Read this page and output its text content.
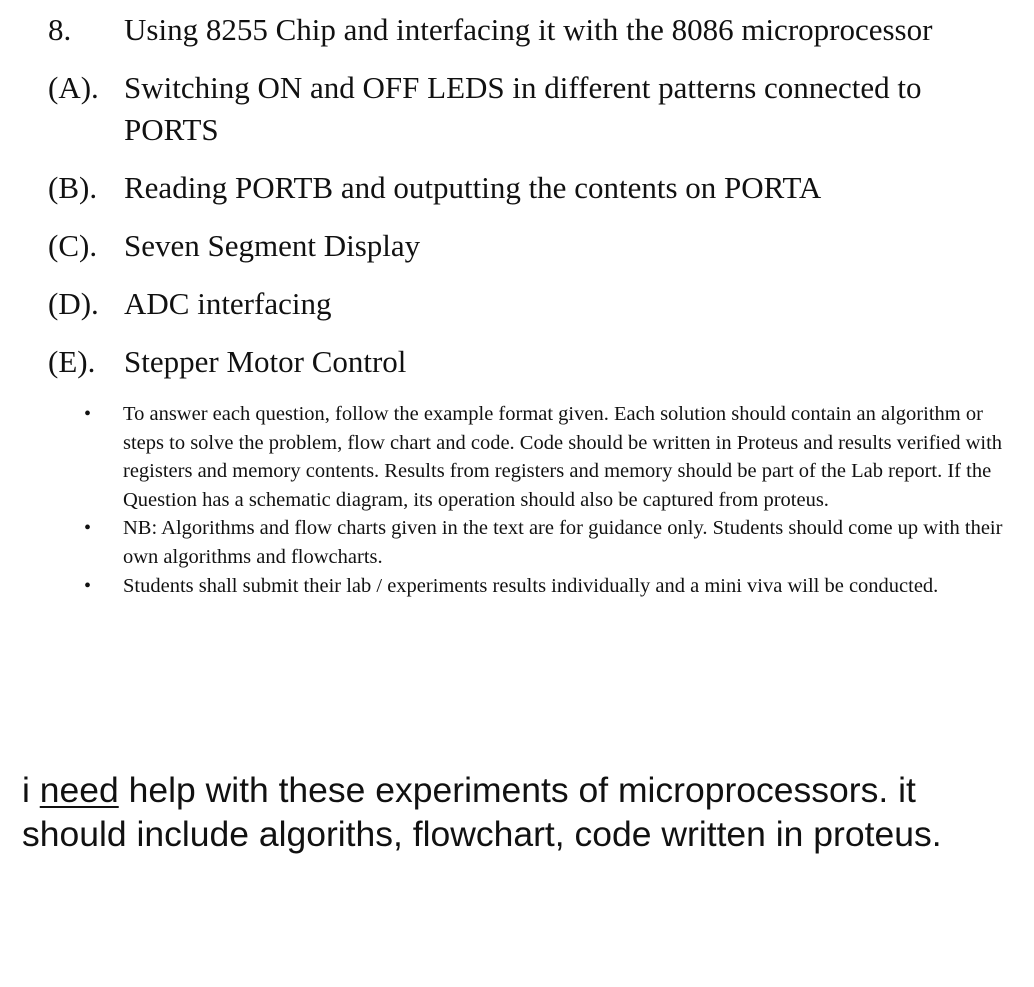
8. Using 8255 Chip and interfacing it with the 8086 microprocessor
(A). Switching ON and OFF LEDS in different patterns connected to PORTS
(B). Reading PORTB and outputting the contents on PORTA
(C). Seven Segment Display
(D). ADC interfacing
(E). Stepper Motor Control

• To answer each question, follow the example format given. Each solution should contain an algorithm or steps to solve the problem, flow chart and code. Code should be written in Proteus and results verified with registers and memory contents. Results from registers and memory should be part of the Lab report. If the Question has a schematic diagram, its operation should also be captured from proteus.

• NB: Algorithms and flow charts given in the text are for guidance only. Students should come up with their own algorithms and flowcharts.

• Students shall submit their lab / experiments results individually and a mini viva will be conducted.

i need help with these experiments of microprocessors. it should include algoriths, flowchart, code written in proteus.
